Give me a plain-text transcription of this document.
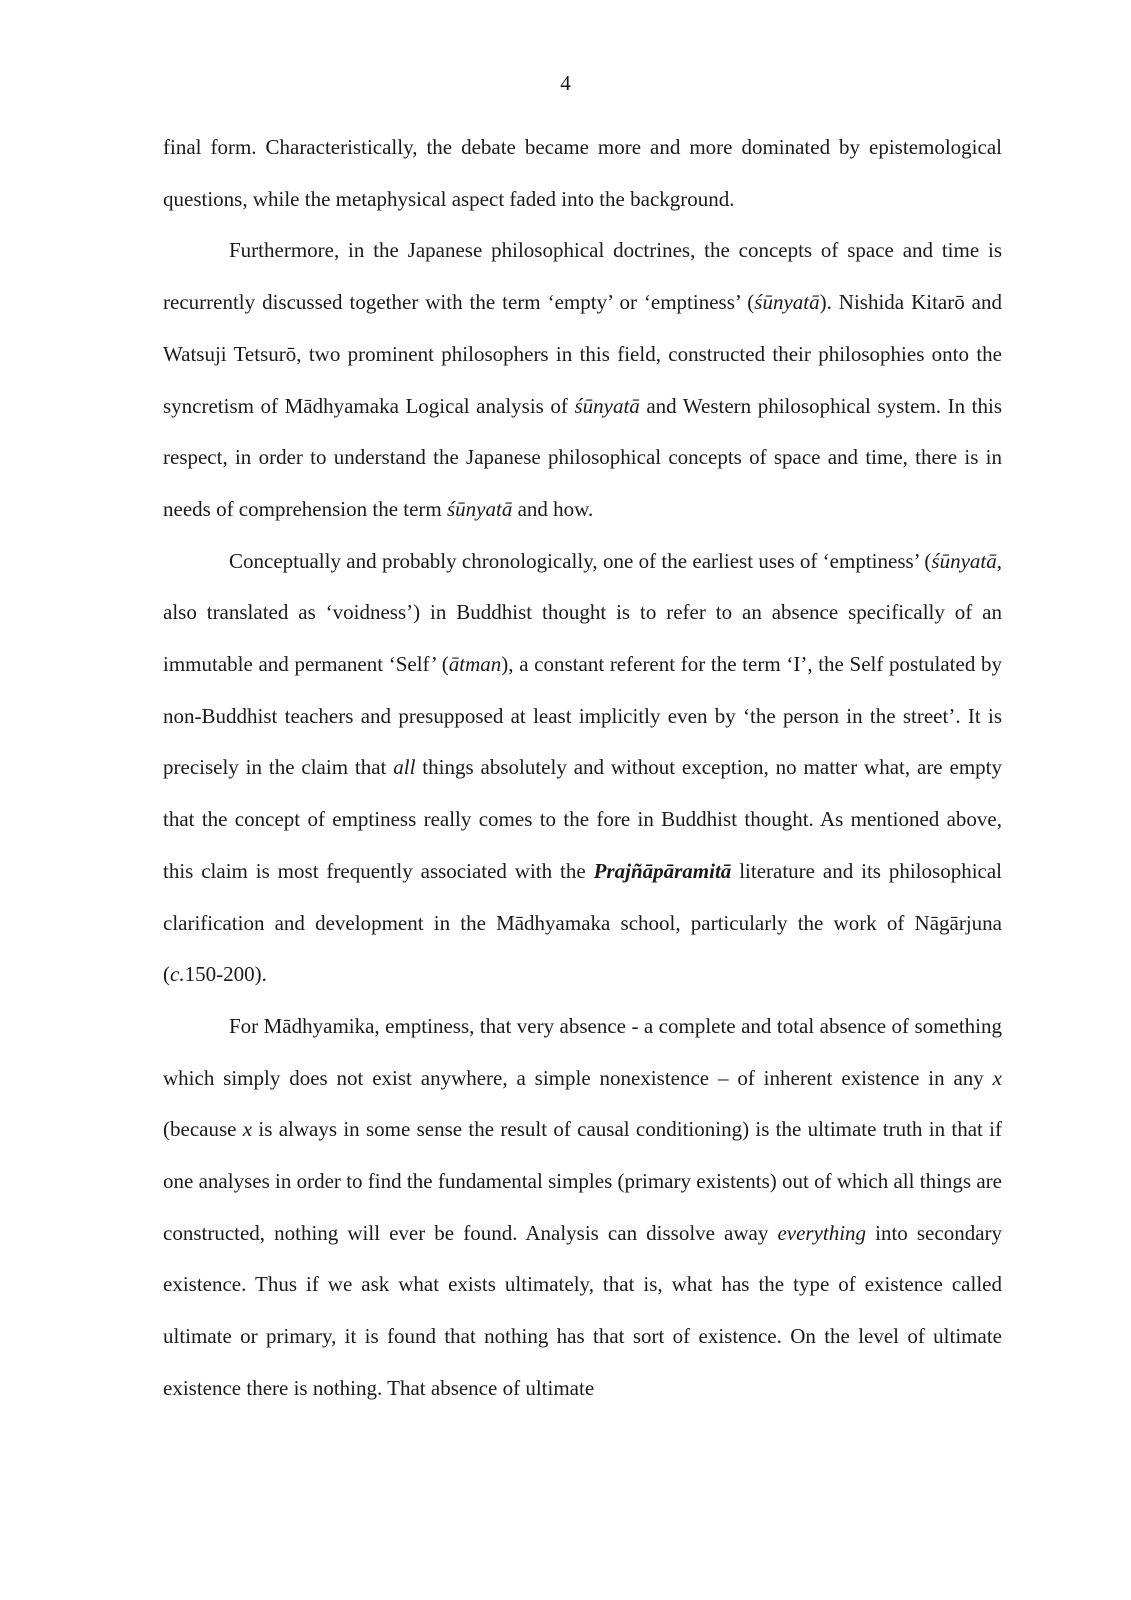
4

final form. Characteristically, the debate became more and more dominated by epistemological questions, while the metaphysical aspect faded into the background.

Furthermore, in the Japanese philosophical doctrines, the concepts of space and time is recurrently discussed together with the term ‘empty’ or ‘emptiness’ (śūnyatā). Nishida Kitarō and Watsuji Tetsurō, two prominent philosophers in this field, constructed their philosophies onto the syncretism of Mādhyamaka Logical analysis of śūnyatā and Western philosophical system. In this respect, in order to understand the Japanese philosophical concepts of space and time, there is in needs of comprehension the term śūnyatā and how.

Conceptually and probably chronologically, one of the earliest uses of ‘emptiness’ (śūnyatā, also translated as ‘voidness’) in Buddhist thought is to refer to an absence specifically of an immutable and permanent ‘Self’ (ātman), a constant referent for the term ‘I’, the Self postulated by non-Buddhist teachers and presupposed at least implicitly even by ‘the person in the street’. It is precisely in the claim that all things absolutely and without exception, no matter what, are empty that the concept of emptiness really comes to the fore in Buddhist thought. As mentioned above, this claim is most frequently associated with the Prajñāpāramitā literature and its philosophical clarification and development in the Mādhyamaka school, particularly the work of Nāgārjuna (c.150-200).

For Mādhyamika, emptiness, that very absence - a complete and total absence of something which simply does not exist anywhere, a simple nonexistence – of inherent existence in any x (because x is always in some sense the result of causal conditioning) is the ultimate truth in that if one analyses in order to find the fundamental simples (primary existents) out of which all things are constructed, nothing will ever be found. Analysis can dissolve away everything into secondary existence. Thus if we ask what exists ultimately, that is, what has the type of existence called ultimate or primary, it is found that nothing has that sort of existence. On the level of ultimate existence there is nothing. That absence of ultimate
